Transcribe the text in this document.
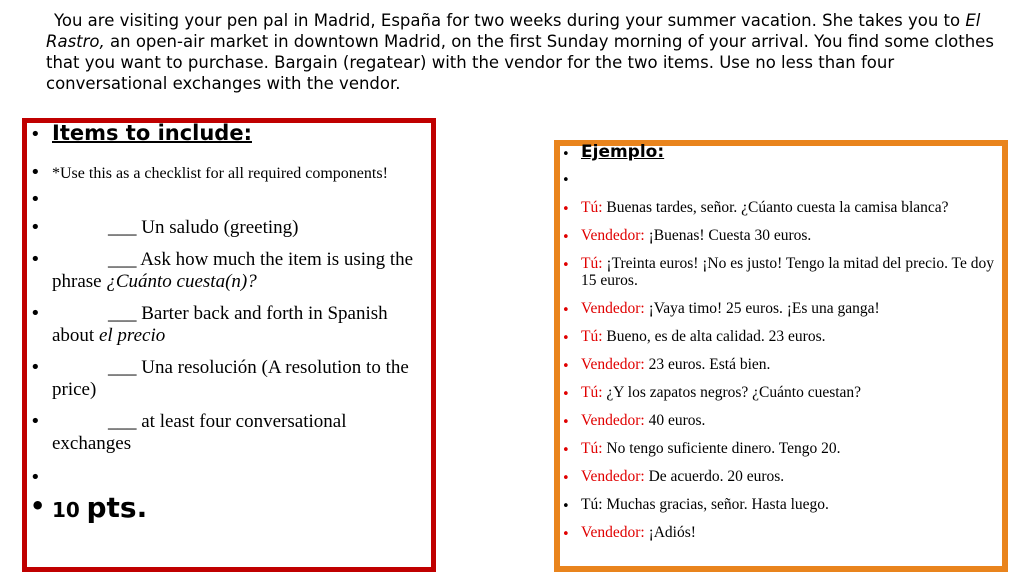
You are visiting your pen pal in Madrid, España for two weeks during your summer vacation. She takes you to El Rastro, an open-air market in downtown Madrid, on the first Sunday morning of your arrival. You find some clothes that you want to purchase. Bargain (regatear) with the vendor for the two items. Use no less than four conversational exchanges with the vendor.

• Items to include:
• *Use this as a checklist for all required components!
•
•	___ Un saludo (greeting)
•	___ Ask how much the item is using the phrase ¿Cuánto cuesta(n)?
•	___ Barter back and forth in Spanish about el precio
•	___ Una resolución (A resolution to the price)
•	___ at least four conversational exchanges
•
• 10 pts.
• Ejemplo:
•
• Tú: Buenas tardes, señor. ¿Cúanto cuesta la camisa blanca?
• Vendedor: ¡Buenas! Cuesta 30 euros.
• Tú: ¡Treinta euros! ¡No es justo! Tengo la mitad del precio. Te doy 15 euros.
• Vendedor: ¡Vaya timo! 25 euros. ¡Es una ganga!
• Tú: Bueno, es de alta calidad. 23 euros.
• Vendedor: 23 euros. Está bien.
• Tú: ¿Y los zapatos negros? ¿Cuánto cuestan?
• Vendedor: 40 euros.
• Tú: No tengo suficiente dinero. Tengo 20.
• Vendedor: De acuerdo. 20 euros.
• Tú: Muchas gracias, señor. Hasta luego.
• Vendedor: ¡Adiós!
